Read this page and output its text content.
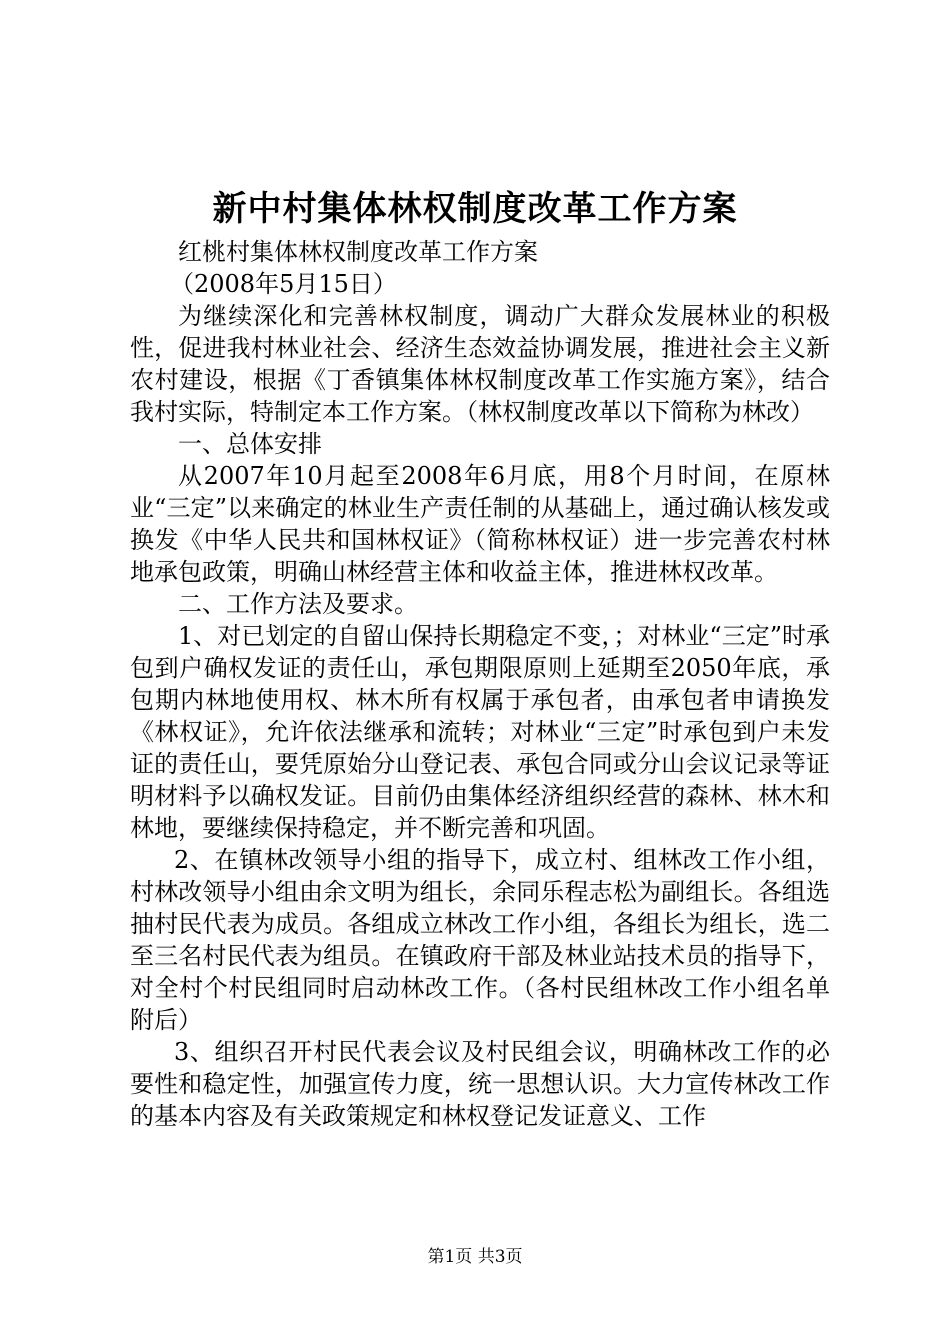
新中村集体林权制度改革工作方案

红桃村集体林权制度改革工作方案

（2008年5月15日）

为继续深化和完善林权制度，调动广大群众发展林业的积极性，促进我村林业社会、经济生态效益协调发展，推进社会主义新农村建设，根据《丁香镇集体林权制度改革工作实施方案》，结合我村实际，特制定本工作方案。（林权制度改革以下简称为林改）

一、总体安排

从2007年10月起至2008年6月底，用8个月时间，在原林业“三定”以来确定的林业生产责任制的从基础上，通过确认核发或换发《中华人民共和国林权证》（简称林权证）进一步完善农村林地承包政策，明确山林经营主体和收益主体，推进林权改革。

二、工作方法及要求。

1、对已划定的自留山保持长期稳定不变，；对林业“三定”时承包到户确权发证的责任山，承包期限原则上延期至2050年底，承包期内林地使用权、林木所有权属于承包者，由承包者申请换发《林权证》，允许依法继承和流转；对林业“三定”时承包到户未发证的责任山，要凭原始分山登记表、承包合同或分山会议记录等证明材料予以确权发证。目前仍由集体经济组织经营的森林、林木和林地，要继续保持稳定，并不断完善和巩固。

2、在镇林改领导小组的指导下，成立村、组林改工作小组，村林改领导小组由余文明为组长，余同乐程志松为副组长。各组选抽村民代表为成员。各组成立林改工作小组，各组长为组长，选二至三名村民代表为组员。在镇政府干部及林业站技术员的指导下，对全村个村民组同时启动林改工作。（各村民组林改工作小组名单附后）

3、组织召开村民代表会议及村民组会议，明确林改工作的必要性和稳定性，加强宣传力度，统一思想认识。大力宣传林改工作的基本内容及有关政策规定和林权登记发证意义、工作

第1页 共3页
